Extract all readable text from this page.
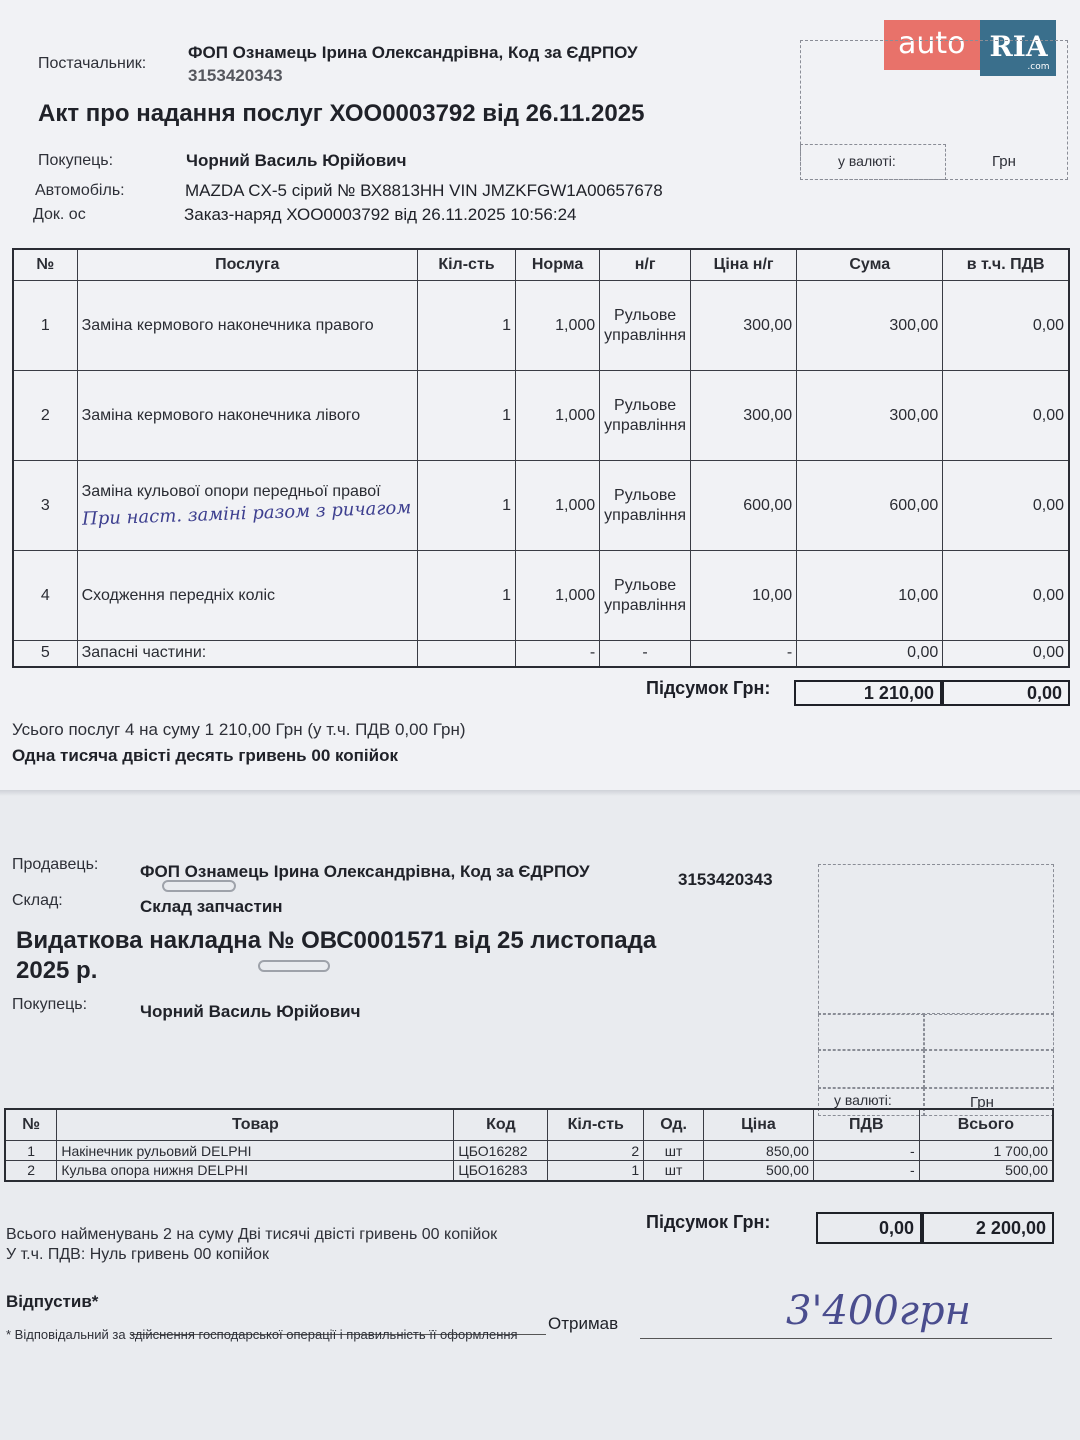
auto RIA
.com
Постачальник:
ФОП Ознамець Ірина Олександрівна, Код за ЄДРПОУ
3153420343
Акт про надання послуг ХОО0003792 від 26.11.2025
Покупець:	Чорний Василь Юрійович
Автомобіль:	MAZDA CX-5 сірий № ВХ8813НН VIN JMZKFGW1A00657678
Док. ос	Заказ-наряд ХОО0003792 від 26.11.2025 10:56:24
у валюті:	Грн
№	Послуга	Кіл-сть	Норма	н/г	Ціна н/г	Сума	в т.ч. ПДВ
1	Заміна кермового наконечника правого	1	1,000	Рульове управління	300,00	300,00	0,00
2	Заміна кермового наконечника лівого	1	1,000	Рульове управління	300,00	300,00	0,00
3	Заміна кульової опори передньої правої
При наст. заміні разом з ричагом	1	1,000	Рульове управління	600,00	600,00	0,00
4	Сходження передніх коліс	1	1,000	Рульове управління	10,00	10,00	0,00
5	Запасні частини:		-	-	-	0,00	0,00
Підсумок Грн:	1 210,00	0,00
Усього послуг 4 на суму 1 210,00 Грн (у т.ч. ПДВ 0,00 Грн)
Одна тисяча двісті десять гривень 00 копійок
Продавець: ФОП Ознамець Ірина Олександрівна, Код за ЄДРПОУ	3153420343
Склад:	Склад запчастин
Видаткова накладна № ОВС0001571 від 25 листопада
2025 р.
Покупець:	Чорний Василь Юрійович
у валюті:	Грн
№	Товар	Код	Кіл-сть	Од.	Ціна	ПДВ	Всього
1	Накінечник рульовий DELPHI	ЦБО16282	2	шт	850,00	-	1 700,00
2	Кульва опора нижня DELPHI	ЦБО16283	1	шт	500,00	-	500,00
Підсумок Грн:	0,00	2 200,00
Всього найменувань 2 на суму Дві тисячі двісті гривень 00 копійок
У т.ч. ПДВ: Нуль гривень 00 копійок
Відпустив*
Отримав	3'400грн
* Відповідальний за здійснення господарської операції і правильність її оформлення
